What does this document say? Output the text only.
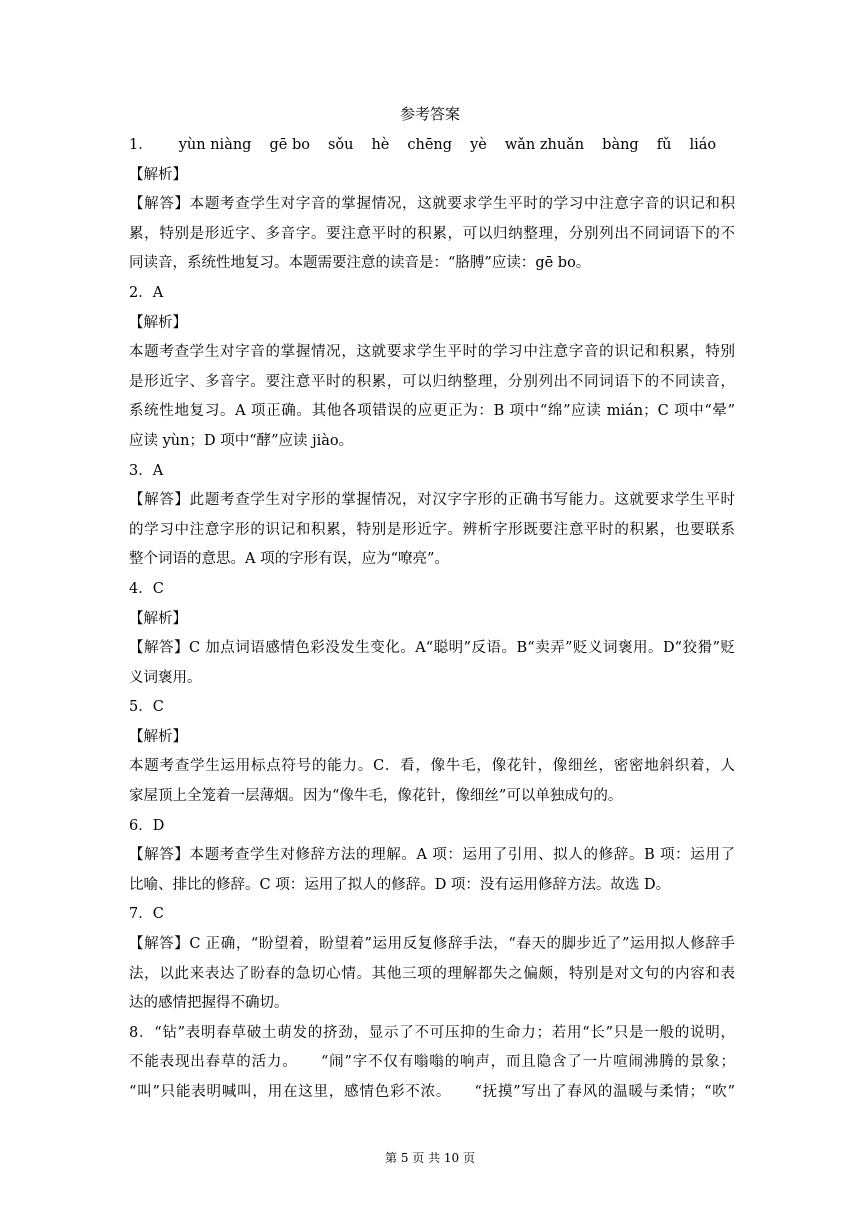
参考答案
1． yùn niàng gē bo sǒu hè chēng yè wǎn zhuǎn bàng fǔ liáo
【解析】
【解答】本题考查学生对字音的掌握情况，这就要求学生平时的学习中注意字音的识记和积
累，特别是形近字、多音字。要注意平时的积累，可以归纳整理，分别列出不同词语下的不
同读音，系统性地复习。本题需要注意的读音是：“胳膊”应读：gē bo。
2．A
【解析】
本题考查学生对字音的掌握情况，这就要求学生平时的学习中注意字音的识记和积累，特别
是形近字、多音字。要注意平时的积累，可以归纳整理，分别列出不同词语下的不同读音，
系统性地复习。A 项正确。其他各项错误的应更正为：B 项中“绵”应读 mián；C 项中“晕”
应读 yùn；D 项中“酵”应读 jiào。
3．A
【解答】此题考查学生对字形的掌握情况，对汉字字形的正确书写能力。这就要求学生平时
的学习中注意字形的识记和积累，特别是形近字。辨析字形既要注意平时的积累，也要联系
整个词语的意思。A 项的字形有误，应为“嘹亮”。
4．C
【解析】
【解答】C 加点词语感情色彩没发生变化。A“聪明”反语。B“卖弄”贬义词褒用。D“狡猾”贬
义词褒用。
5．C
【解析】
本题考查学生运用标点符号的能力。C．看，像牛毛，像花针，像细丝，密密地斜织着，人
家屋顶上全笼着一层薄烟。因为“像牛毛，像花针，像细丝”可以单独成句的。
6．D
【解答】本题考查学生对修辞方法的理解。A 项：运用了引用、拟人的修辞。B 项：运用了
比喻、排比的修辞。C 项：运用了拟人的修辞。D 项：没有运用修辞方法。故选 D。
7．C
【解答】C 正确，“盼望着，盼望着”运用反复修辞手法，“春天的脚步近了”运用拟人修辞手
法，以此来表达了盼春的急切心情。其他三项的理解都失之偏颇，特别是对文句的内容和表
达的感情把握得不确切。
8．“钻”表明春草破土萌发的挤劲，显示了不可压抑的生命力；若用“长”只是一般的说明，
不能表现出春草的活力。　　“闹”字不仅有嗡嗡的响声，而且隐含了一片喧闹沸腾的景象；
“叫”只能表明喊叫，用在这里，感情色彩不浓。　　“抚摸”写出了春风的温暖与柔情；“吹”
第 5 页 共 10 页
